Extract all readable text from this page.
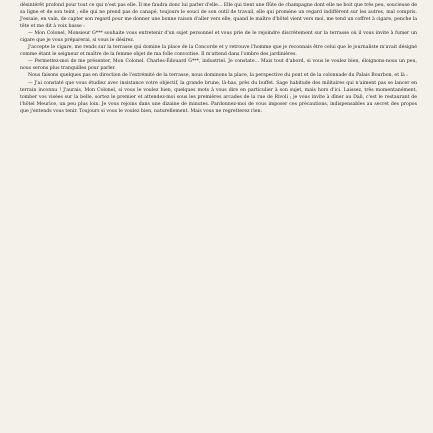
désintérêt profond pour tout ce qui n'est pas elle. Il me faudra donc lui parler d'elle... Elle qui tient une flûte de champagne dont elle ne boit que très peu, soucieuse de sa ligne et de son teint ; elle qui ne prend pas de canapé, toujours le souci de son outil de travail, elle qui promène un regard indifférent sur les autres, mal compris. J'essaie, en vain, de capter son regard pour me donner une bonne raison d'aller vers elle, quand le maître d'hôtel vient vers moi, me tend un coffret à cigare, penche la tête et me dit à voix basse :

— Mon Colonel, Monsieur G*** souhaite vous entretenir d'un sujet personnel et vous prie de le rejoindre discrètement sur la terrasse où il vous invite à fumer un cigare que je vous préparerai, si vous le désirez.

J'accepte le cigare, me rends sur la terrasse qui domine la place de la Concorde et y retrouve l'homme que je reconnais être celui que le journaliste m'avait désigné comme étant le seigneur et maître de la femme objet de ma folle convoitise. Il m'attend dans l'ombre des jardinières.

— Permettez-moi de me présenter, Mon Colonel. Charles-Édouard G***, industriel. Je constate... Mais tout d'abord, si vous le voulez bien, éloignons-nous un peu, nous serons plus tranquilles pour parler.

Nous faisons quelques pas en direction de l'extrémité de la terrasse, nous dominons la place, la perspective du pont et de la colonnade du Palais Bourbon, et là :

— J'ai constaté que vous étudiez avec insistance votre objectif, la grande brune, là-bas, près du buffet. Sage habitude des militaires qui n'aiment pas se lancer en terrain inconnu ! J'aurais, Mon Colonel, si vous le voulez bien, quelques mots à vous dire en particulier à son sujet, mais hors d'ici. Laissez, très momentanément, tomber vos visées sur la belle, sortez le premier et attendez-moi sous les premières arcades de la rue de Rivoli ; je vous invite à dîner au Dali, c'est le restaurant de l'hôtel Meurice, un peu plus loin. Je vous rejoins dans une dizaine de minutes. Pardonnez-moi de vous imposer ces précautions, indispensables au secret des propos que j'entends vous tenir. Toujours si vous le voulez bien, naturellement. Mais vous ne regretterez rien.
